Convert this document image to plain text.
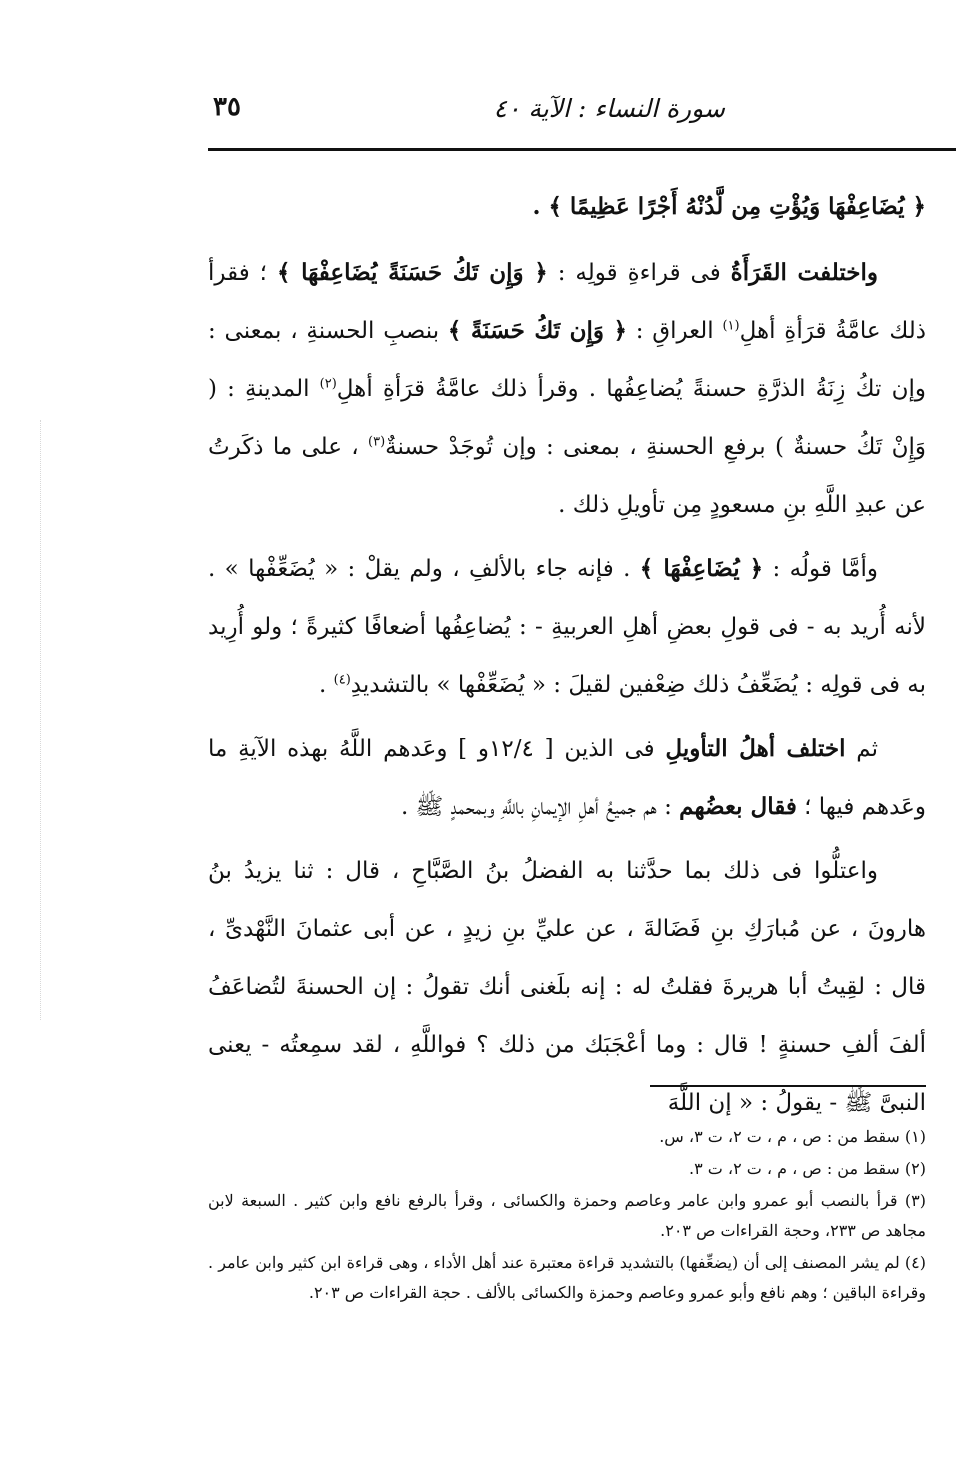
سورة النساء : الآية ٤٠
٣٥

﴿ يُضَاعِفْهَا وَيُؤْتِ مِن لَّدُنْهُ أَجْرًا عَظِيمًا ﴾ .

واختلفت القَرَأَةُ فى قراءةِ قولِه : ﴿ وَإِن تَكُ حَسَنَةً يُضَاعِفْهَا ﴾ ؛ فقرأ ذلك عامَّةُ قرَأةِ أهلِ$^{(١)}$ العراقِ : ﴿ وَإِن تَكُ حَسَنَةً ﴾ بنصبِ الحسنةِ ، بمعنى : وإن تكُ زِنَةُ الذرَّةِ حسنةً يُضاعِفُها . وقرأ ذلك عامَّةُ قرَأةِ أهلِ$^{(٢)}$ المدينةِ : ( وَإِنْ تَكُ حسنةٌ ) برفعِ الحسنةِ ، بمعنى : وإن تُوجَدْ حسنةٌ$^{(٣)}$ ، على ما ذكَرتُ عن عبدِ اللَّهِ بنِ مسعودٍ مِن تأويلِ ذلك .

وأمَّا قولُه : ﴿ يُضَاعِفْهَا ﴾ . فإنه جاء بالألفِ ، ولم يقلْ : « يُضَعِّفْها » . لأنه أُريد به - فى قولِ بعضِ أهلِ العربيةِ - : يُضاعِفُها أضعافًا كثيرةً ؛ ولو أُرِيد به فى قولِه : يُضَعِّفُ ذلك ضِعْفين لقيلَ : « يُضَعِّفْها » بالتشديدِ$^{(٤)}$ .

ثم اختلف أهلُ التأويلِ فى الذين [ ١٢/٤و ] وعَدهم اللَّهُ بهذه الآيةِ ما وعَدهم فيها ؛ فقال بعضُهم : هم جميعُ أهلِ الإيمانِ باللَّهِ وبمحمدٍ ﷺ .

واعتلُّوا فى ذلك بما حدَّثنا به الفضلُ بنُ الصَّبَّاحِ ، قال : ثنا يزيدُ بنُ هارونَ ، عن مُبارَكِ بنِ فَضَالةَ ، عن عليِّ بنِ زيدٍ ، عن أبى عثمانَ النَّهْدىِّ ، قال : لقِيتُ أبا هريرةَ فقلتُ له : إنه بلَغنى أنك تقولُ : إن الحسنةَ لتُضاعَفُ ألفَ ألفِ حسنةٍ ! قال : وما أعْجَبَك من ذلك ؟ فواللَّهِ ، لقد سمِعتُه - يعنى النبىَّ ﷺ - يقولُ : « إن اللَّهَ

(١) سقط من : ص ، م ، ت ٢، ت ٣، س.

(٢) سقط من : ص ، م ، ت ٢، ت ٣.

(٣) قرأ بالنصب أبو عمرو وابن عامر وعاصم وحمزة والكسائى ، وقرأ بالرفع نافع وابن كثير . السبعة لابن مجاهد ص ٢٣٣، وحجة القراءات ص ٢٠٣.

(٤) لم يشر المصنف إلى أن (يضعِّفها) بالتشديد قراءة معتبرة عند أهل الأداء ، وهى قراءة ابن كثير وابن عامر . وقراءة الباقين ؛ وهم نافع وأبو عمرو وعاصم وحمزة والكسائى بالألف . حجة القراءات ص ٢٠٣.
